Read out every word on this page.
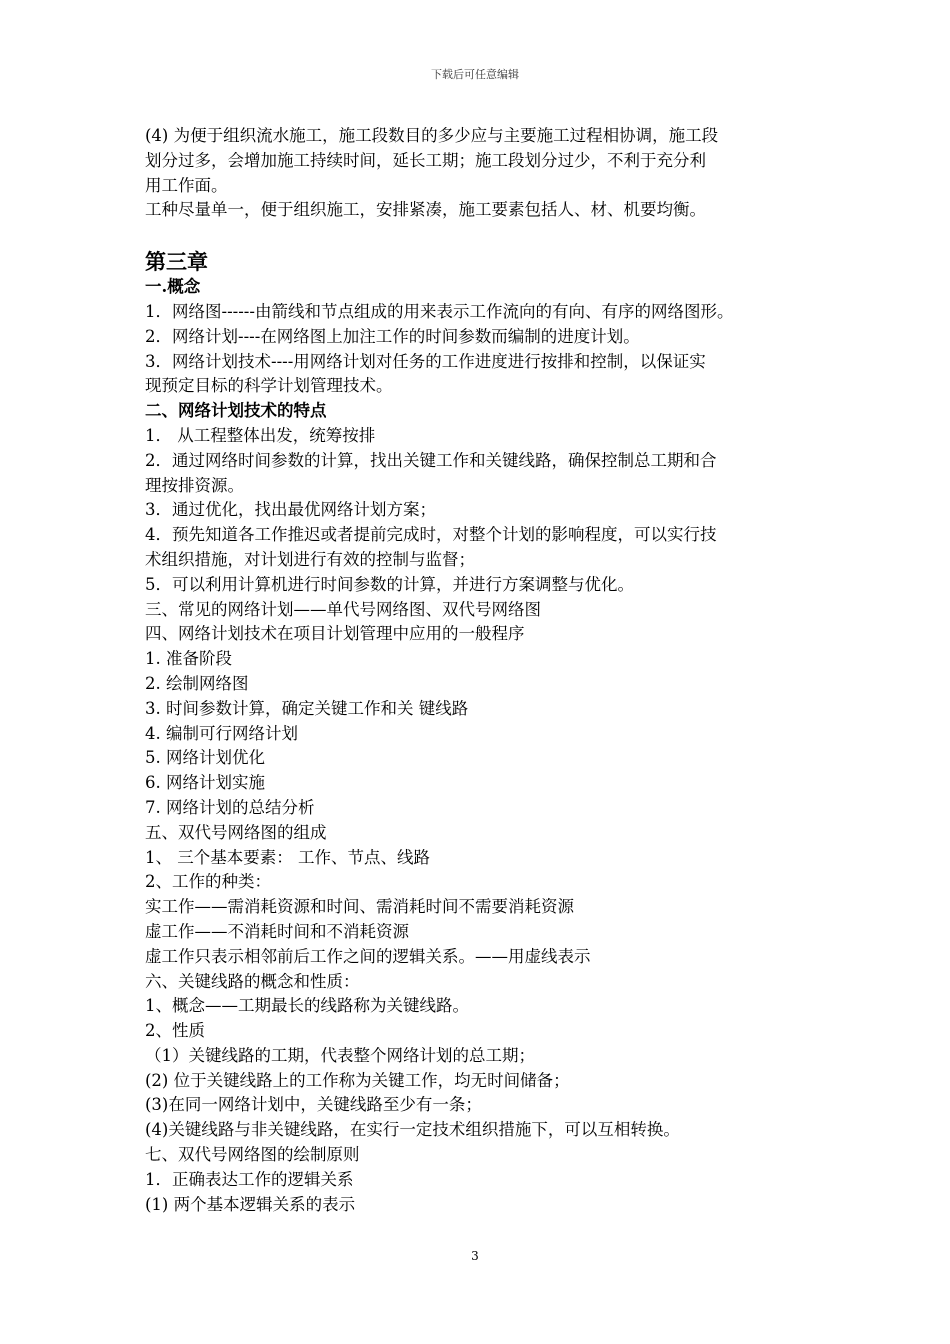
下载后可任意编辑

(4) 为便于组织流水施工，施工段数目的多少应与主要施工过程相协调，施工段

划分过多，会增加施工持续时间，延长工期；施工段划分过少，不利于充分利

用工作面。

工种尽量单一，便于组织施工，安排紧凑，施工要素包括人、材、机要均衡。

第三章

一.概念

1．网络图------由箭线和节点组成的用来表示工作流向的有向、有序的网络图形。

2．网络计划----在网络图上加注工作的时间参数而编制的进度计划。

3．网络计划技术----用网络计划对任务的工作进度进行按排和控制，以保证实

现预定目标的科学计划管理技术。

二、网络计划技术的特点

1． 从工程整体出发，统筹按排

2．通过网络时间参数的计算，找出关键工作和关键线路，确保控制总工期和合

理按排资源。

3．通过优化，找出最优网络计划方案；

4．预先知道各工作推迟或者提前完成时，对整个计划的影响程度，可以实行技

术组织措施，对计划进行有效的控制与监督；

5．可以利用计算机进行时间参数的计算，并进行方案调整与优化。

三、常见的网络计划——单代号网络图、双代号网络图

四、网络计划技术在项目计划管理中应用的一般程序

1. 准备阶段

2. 绘制网络图

3. 时间参数计算，确定关键工作和关 键线路

4. 编制可行网络计划

5. 网络计划优化

6. 网络计划实施

7. 网络计划的总结分析

五、双代号网络图的组成

1、 三个基本要素： 工作、节点、线路

2、工作的种类：

实工作——需消耗资源和时间、需消耗时间不需要消耗资源

虚工作——不消耗时间和不消耗资源

虚工作只表示相邻前后工作之间的逻辑关系。——用虚线表示

六、关键线路的概念和性质：

1、概念——工期最长的线路称为关键线路。

2、性质

（1）关键线路的工期，代表整个网络计划的总工期；

(2) 位于关键线路上的工作称为关键工作，均无时间储备；

(3)在同一网络计划中，关键线路至少有一条；

(4)关键线路与非关键线路，在实行一定技术组织措施下，可以互相转换。

七、双代号网络图的绘制原则

1．正确表达工作的逻辑关系

(1) 两个基本逻辑关系的表示

3
